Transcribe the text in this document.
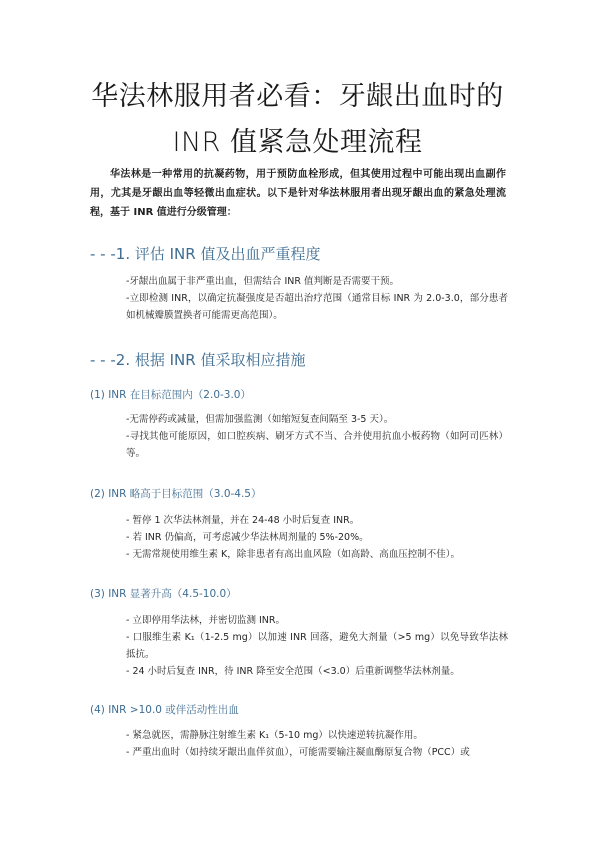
华法林服用者必看：牙龈出血时的
INR 值紧急处理流程
华法林是一种常用的抗凝药物，用于预防血栓形成，但其使用过程中可能出现出血副作用，尤其是牙龈出血等轻微出血症状。以下是针对华法林服用者出现牙龈出血的紧急处理流程，基于 INR 值进行分级管理：
- - -1. 评估 INR 值及出血严重程度

-牙龈出血属于非严重出血，但需结合 INR 值判断是否需要干预。

-立即检测 INR，以确定抗凝强度是否超出治疗范围（通常目标 INR 为 2.0-3.0，部分患者如机械瓣膜置换者可能需更高范围）。

- - -2. 根据 INR 值采取相应措施
(1) INR 在目标范围内（2.0-3.0）

-无需停药或减量，但需加强监测（如缩短复查间隔至 3-5 天）。

-寻找其他可能原因，如口腔疾病、刷牙方式不当、合并使用抗血小板药物（如阿司匹林）等。

(2) INR 略高于目标范围（3.0-4.5）

- 暂停 1 次华法林剂量，并在 24-48 小时后复查 INR。

- 若 INR 仍偏高，可考虑减少华法林周剂量的 5%-20%。

- 无需常规使用维生素 K，除非患者有高出血风险（如高龄、高血压控制不佳）。

(3) INR 显著升高（4.5-10.0）

- 立即停用华法林，并密切监测 INR。

- 口服维生素 K₁（1-2.5 mg）以加速 INR 回落，避免大剂量（>5 mg）以免导致华法林抵抗。

- 24 小时后复查 INR，待 INR 降至安全范围（<3.0）后重新调整华法林剂量。

(4) INR >10.0 或伴活动性出血

- 紧急就医，需静脉注射维生素 K₁（5-10 mg）以快速逆转抗凝作用。

- 严重出血时（如持续牙龈出血伴贫血），可能需要输注凝血酶原复合物（PCC）或
